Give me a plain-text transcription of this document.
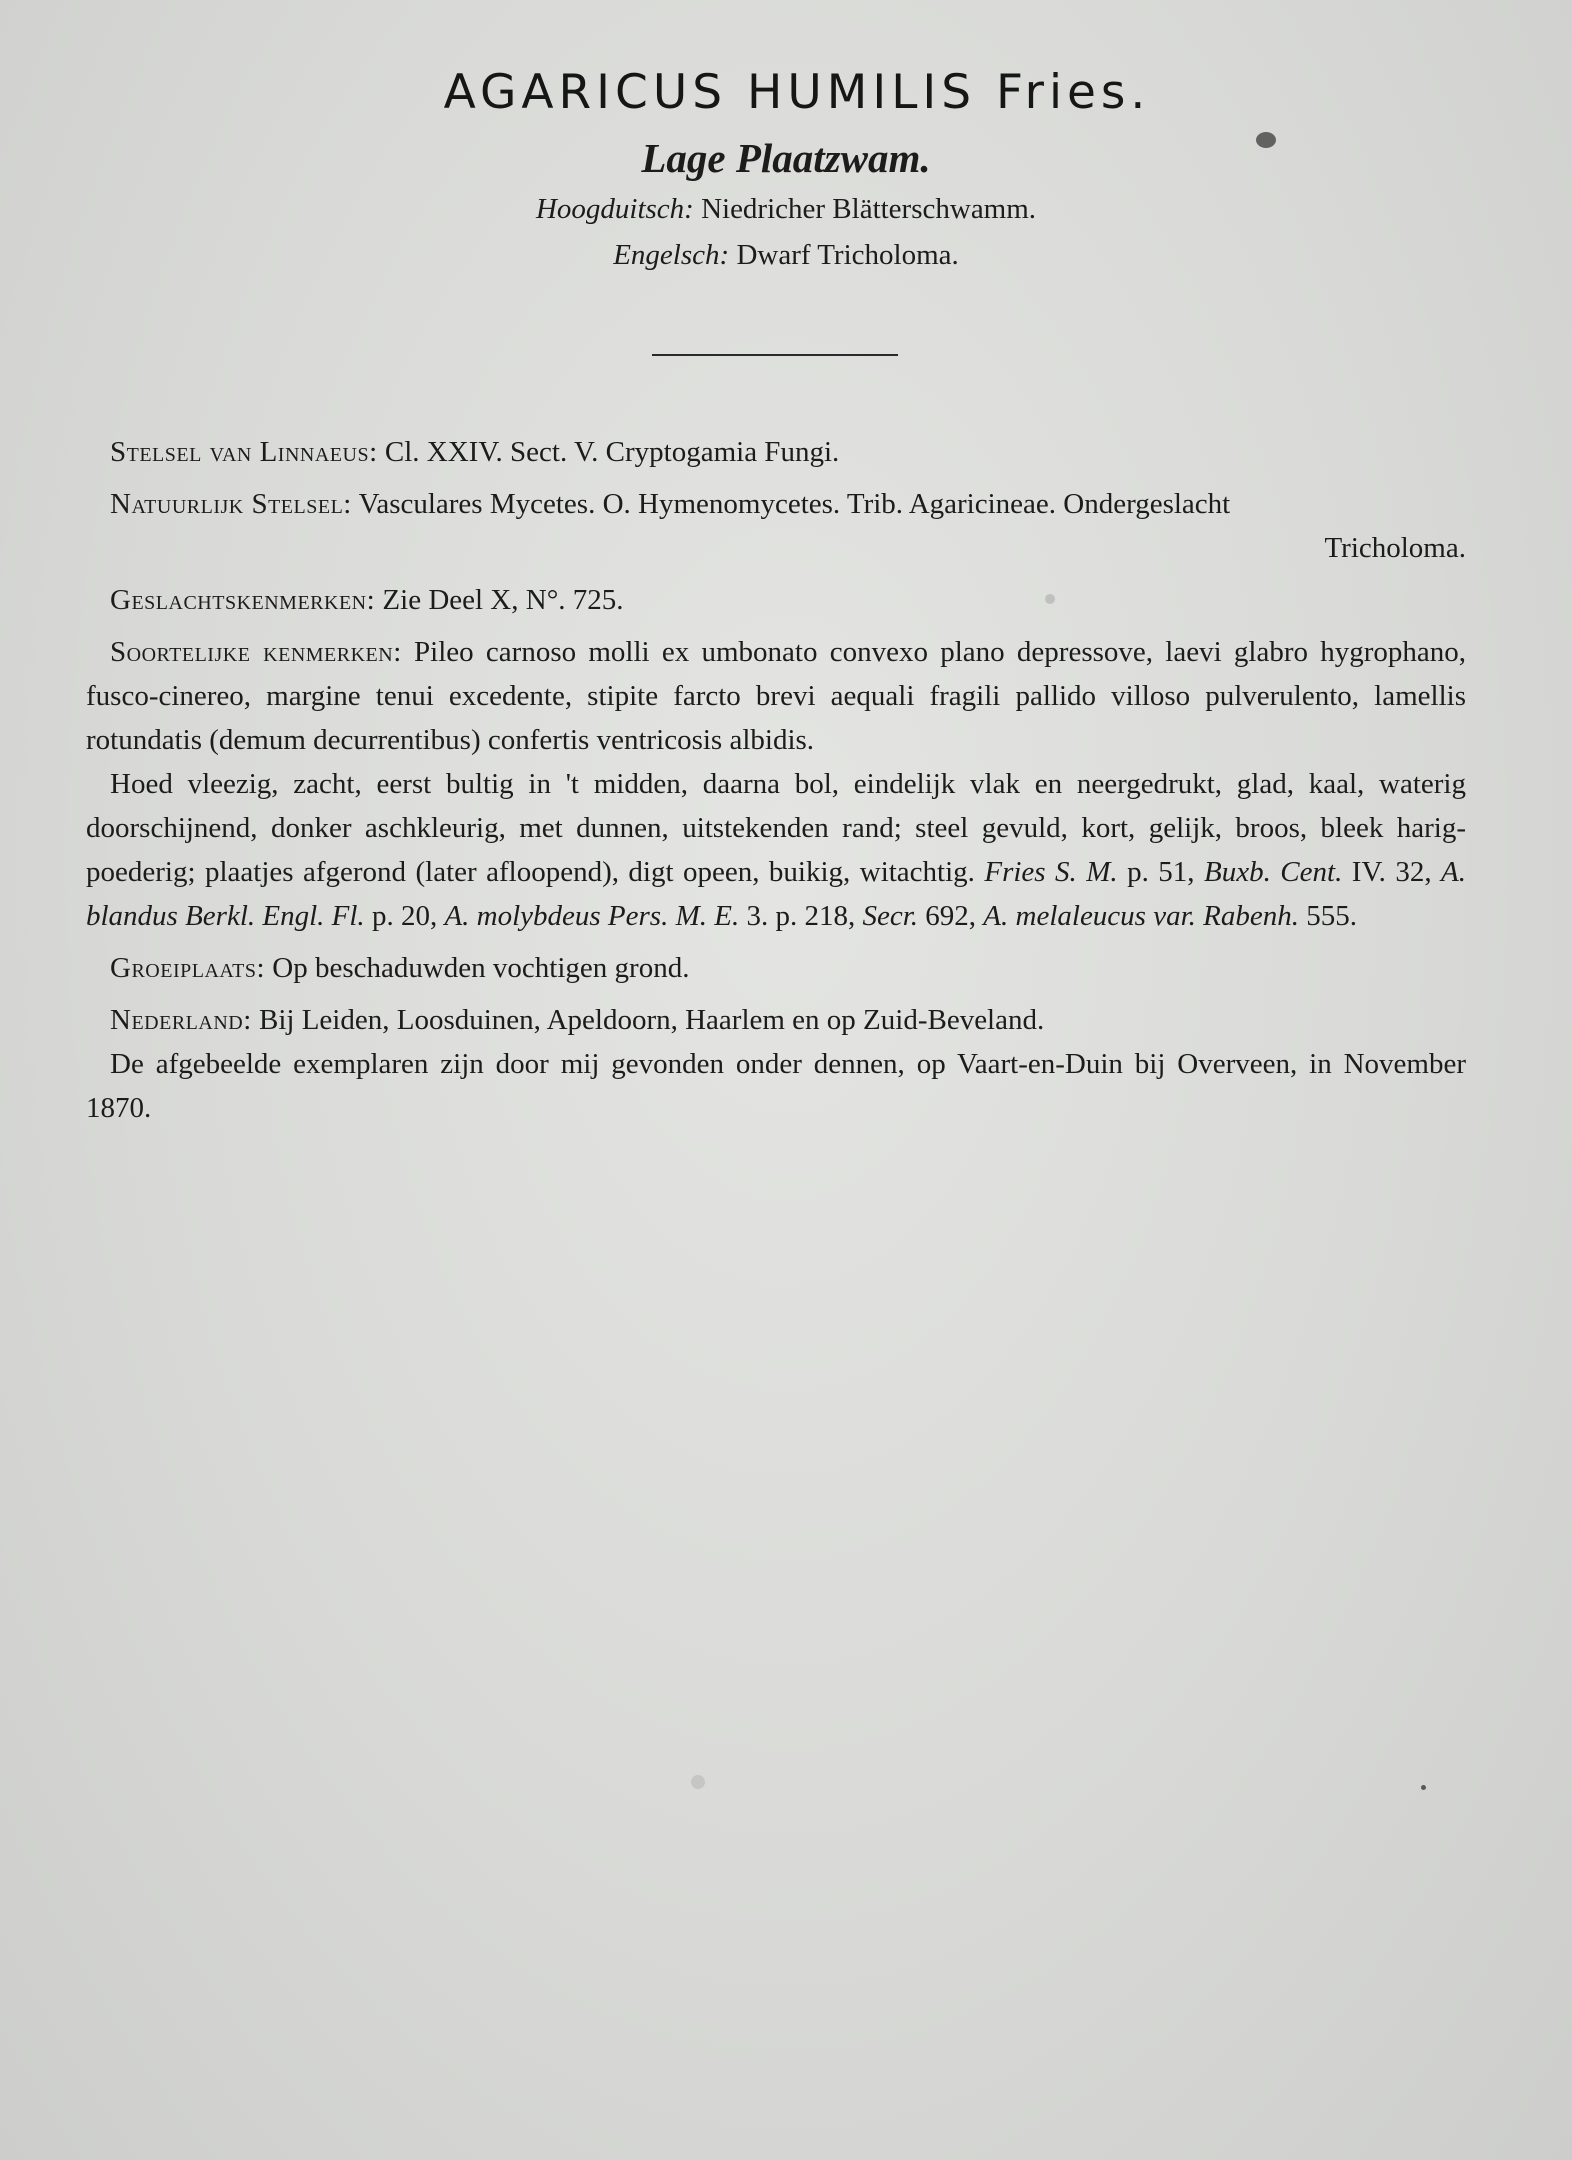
AGARICUS HUMILIS Fries.
Lage Plaatzwam.
Hoogduitsch: Niedricher Blätterschwamm.
Engelsch: Dwarf Tricholoma.

Stelsel van Linnaeus: Cl. XXIV. Sect. V. Cryptogamia Fungi.

Natuurlijk Stelsel: Vasculares Mycetes. O. Hymenomycetes. Trib. Agaricineae. Ondergeslacht
Tricholoma.

Geslachtskenmerken: Zie Deel X, N°. 725.

Soortelijke kenmerken: Pileo carnoso molli ex umbonato convexo plano depressove, laevi glabro hygrophano, fusco-cinereo, margine tenui excedente, stipite farcto brevi aequali fragili pallido villoso pulverulento, lamellis rotundatis (demum decurrentibus) confertis ventricosis albidis.

Hoed vleezig, zacht, eerst bultig in 't midden, daarna bol, eindelijk vlak en neergedrukt, glad, kaal, waterig doorschijnend, donker aschkleurig, met dunnen, uitstekenden rand; steel gevuld, kort, gelijk, broos, bleek harig-poederig; plaatjes afgerond (later afloopend), digt opeen, buikig, witachtig. Fries S. M. p. 51, Buxb. Cent. IV. 32, A. blandus Berkl. Engl. Fl. p. 20, A. molybdeus Pers. M. E. 3. p. 218, Secr. 692, A. melaleucus var. Rabenh. 555.

Groeiplaats: Op beschaduwden vochtigen grond.

Nederland: Bij Leiden, Loosduinen, Apeldoorn, Haarlem en op Zuid-Beveland.

De afgebeelde exemplaren zijn door mij gevonden onder dennen, op Vaart-en-Duin bij Overveen, in November 1870.
